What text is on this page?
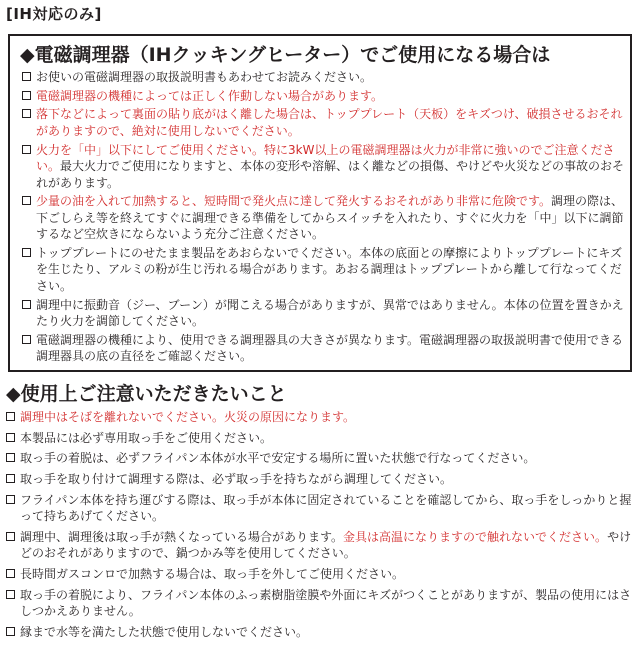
[IH対応のみ]
◆電磁調理器（IHクッキングヒーター）でご使用になる場合は
お使いの電磁調理器の取扱説明書もあわせてお読みください。
電磁調理器の機種によっては正しく作動しない場合があります。
落下などによって裏面の貼り底がはく離した場合は、トッププレート（天板）をキズつけ、破損させるおそれがありますので、絶対に使用しないでください。
火力を「中」以下にしてご使用ください。特に3kW以上の電磁調理器は火力が非常に強いのでご注意ください。最大火力でご使用になりますと、本体の変形や溶解、はく離などの損傷、やけどや火災などの事故のおそれがあります。
少量の油を入れて加熱すると、短時間で発火点に達して発火するおそれがあり非常に危険です。調理の際は、下ごしらえ等を終えてすぐに調理できる準備をしてからスイッチを入れたり、すぐに火力を「中」以下に調節するなど空炊きにならないよう充分ご注意ください。
トッププレートにのせたまま製品をあおらないでください。本体の底面との摩擦によりトッププレートにキズを生じたり、アルミの粉が生じ汚れる場合があります。あおる調理はトッププレートから離して行なってください。
調理中に振動音（ジー、ブーン）が聞こえる場合がありますが、異常ではありません。本体の位置を置きかえたり火力を調節してください。
電磁調理器の機種により、使用できる調理器具の大きさが異なります。電磁調理器の取扱説明書で使用できる調理器具の底の直径をご確認ください。
◆使用上ご注意いただきたいこと
調理中はそばを離れないでください。火災の原因になります。
本製品には必ず専用取っ手をご使用ください。
取っ手の着脱は、必ずフライパン本体が水平で安定する場所に置いた状態で行なってください。
取っ手を取り付けて調理する際は、必ず取っ手を持ちながら調理してください。
フライパン本体を持ち運びする際は、取っ手が本体に固定されていることを確認してから、取っ手をしっかりと握って持ちあげてください。
調理中、調理後は取っ手が熱くなっている場合があります。金具は高温になりますので触れないでください。やけどのおそれがありますので、鍋つかみ等を使用してください。
長時間ガスコンロで加熱する場合は、取っ手を外してご使用ください。
取っ手の着脱により、フライパン本体のふっ素樹脂塗膜や外面にキズがつくことがありますが、製品の使用にはさしつかえありません。
縁まで水等を満たした状態で使用しないでください。
